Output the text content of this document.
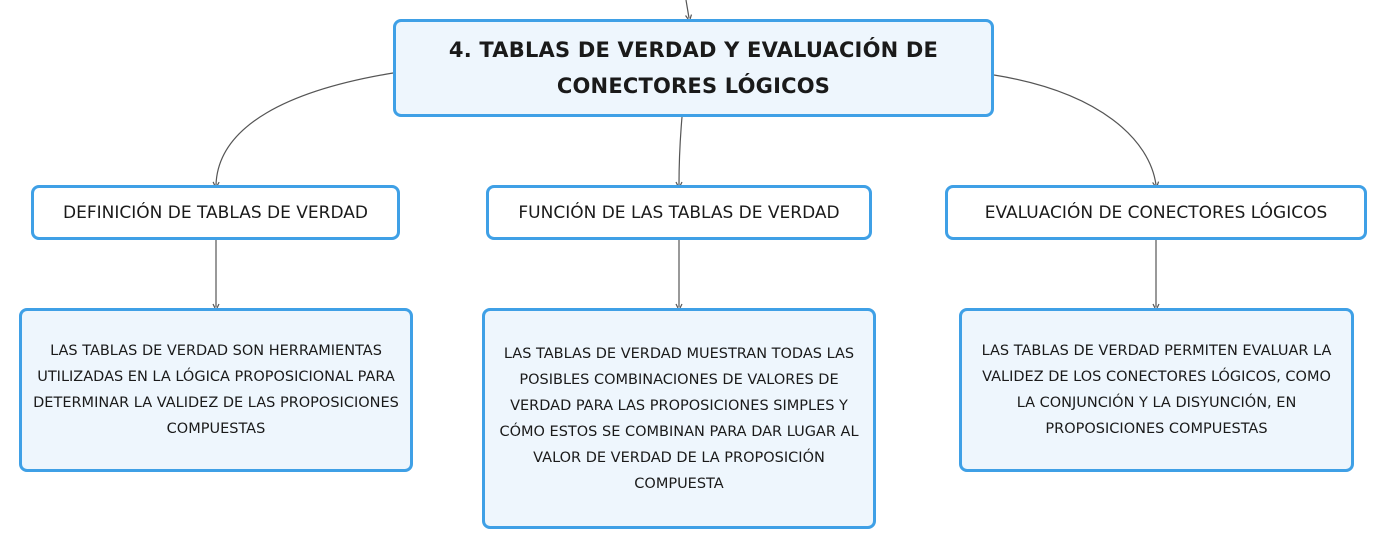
4. TABLAS DE VERDAD Y EVALUACIÓN DE CONECTORES LÓGICOS
DEFINICIÓN DE TABLAS DE VERDAD	FUNCIÓN DE LAS TABLAS DE VERDAD	EVALUACIÓN DE CONECTORES LÓGICOS
LAS TABLAS DE VERDAD SON HERRAMIENTAS UTILIZADAS EN LA LÓGICA PROPOSICIONAL PARA DETERMINAR LA VALIDEZ DE LAS PROPOSICIONES COMPUESTAS
LAS TABLAS DE VERDAD MUESTRAN TODAS LAS POSIBLES COMBINACIONES DE VALORES DE VERDAD PARA LAS PROPOSICIONES SIMPLES Y CÓMO ESTOS SE COMBINAN PARA DAR LUGAR AL VALOR DE VERDAD DE LA PROPOSICIÓN COMPUESTA
LAS TABLAS DE VERDAD PERMITEN EVALUAR LA VALIDEZ DE LOS CONECTORES LÓGICOS, COMO LA CONJUNCIÓN Y LA DISYUNCIÓN, EN PROPOSICIONES COMPUESTAS
